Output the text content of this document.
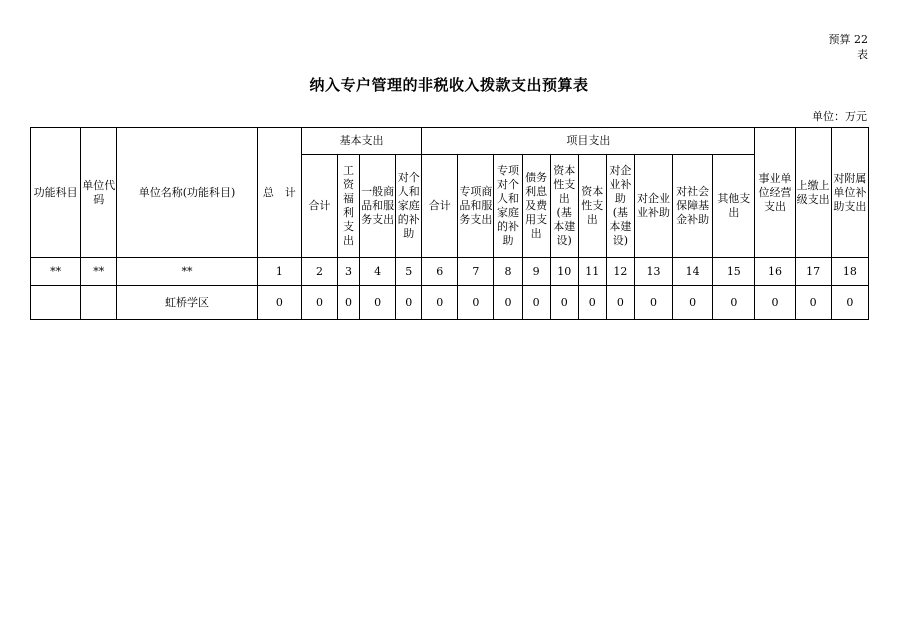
预算 22 表
纳入专户管理的非税收入拨款支出预算表
单位：万元
功能科目	单位代码	单位名称(功能科目)	总　计	基本支出				项目支出										事业单位经营支出	上缴上级支出	对附属单位补助支出
				合计	工资福利支出	一般商品和服务支出	对个人和家庭的补助	合计	专项商品和服务支出	专项对个人和家庭的补助	债务利息及费用支出	资本性支出(基本建设)	资本性支出	对企业补助(基本建设)	对企业业补助	对社会保障基金补助	其他支出			
**	**	**	1	2	3	4	5	6	7	8	9	10	11	12	13	14	15	16	17	18
		虹桥学区	0	0	0	0	0	0	0	0	0	0	0	0	0	0	0	0	0	0
